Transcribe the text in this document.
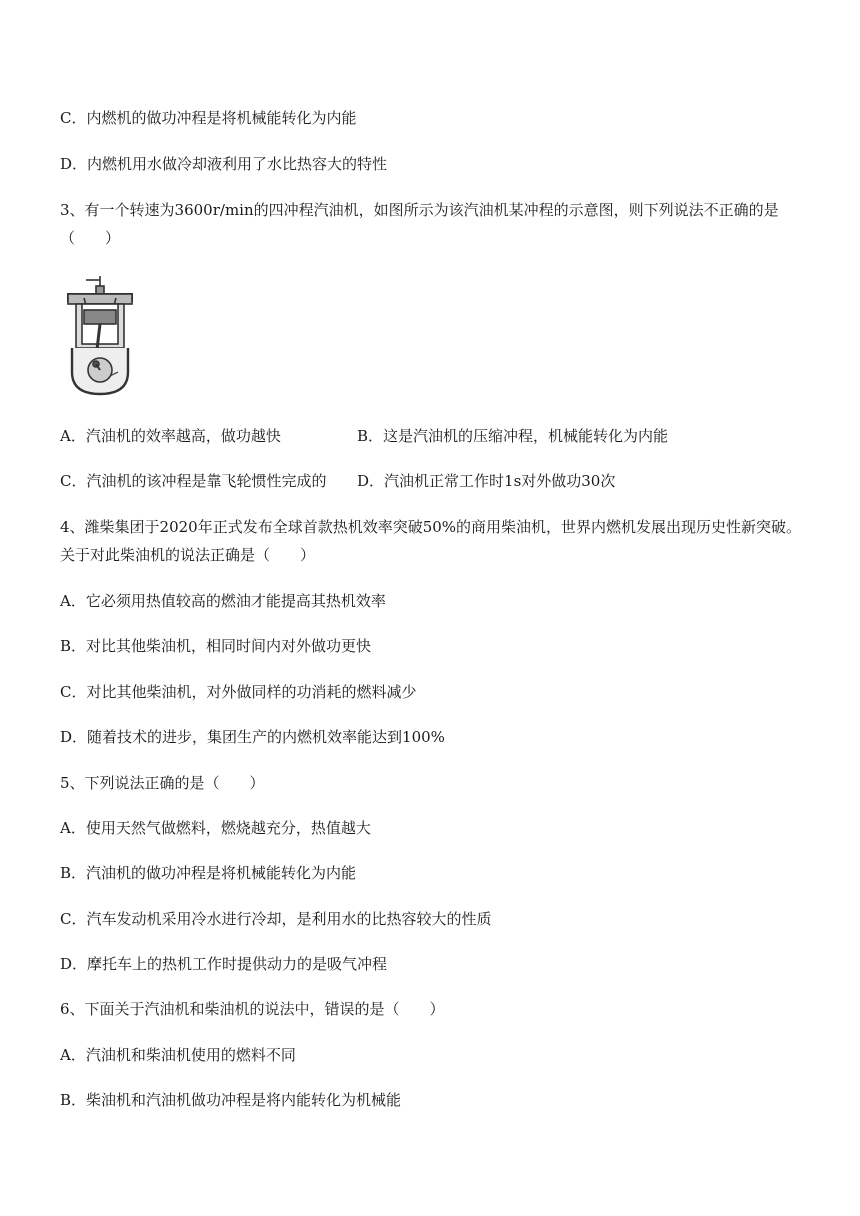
C．内燃机的做功冲程是将机械能转化为内能
D．内燃机用水做冷却液利用了水比热容大的特性
3、有一个转速为3600r/min的四冲程汽油机，如图所示为该汽油机某冲程的示意图，则下列说法不正确的是（　　）
A．汽油机的效率越高，做功越快	B．这是汽油机的压缩冲程，机械能转化为内能
C．汽油机的该冲程是靠飞轮惯性完成的 D．汽油机正常工作时1s对外做功30次
4、潍柴集团于2020年正式发布全球首款热机效率突破50%的商用柴油机，世界内燃机发展出现历史性新突破。关于对此柴油机的说法正确是（　　）
A．它必须用热值较高的燃油才能提高其热机效率
B．对比其他柴油机，相同时间内对外做功更快
C．对比其他柴油机，对外做同样的功消耗的燃料减少
D．随着技术的进步，集团生产的内燃机效率能达到100%
5、下列说法正确的是（　　）
A．使用天然气做燃料，燃烧越充分，热值越大
B．汽油机的做功冲程是将机械能转化为内能
C．汽车发动机采用冷水进行冷却，是利用水的比热容较大的性质
D．摩托车上的热机工作时提供动力的是吸气冲程
6、下面关于汽油机和柴油机的说法中，错误的是（　　）
A．汽油机和柴油机使用的燃料不同
B．柴油机和汽油机做功冲程是将内能转化为机械能
